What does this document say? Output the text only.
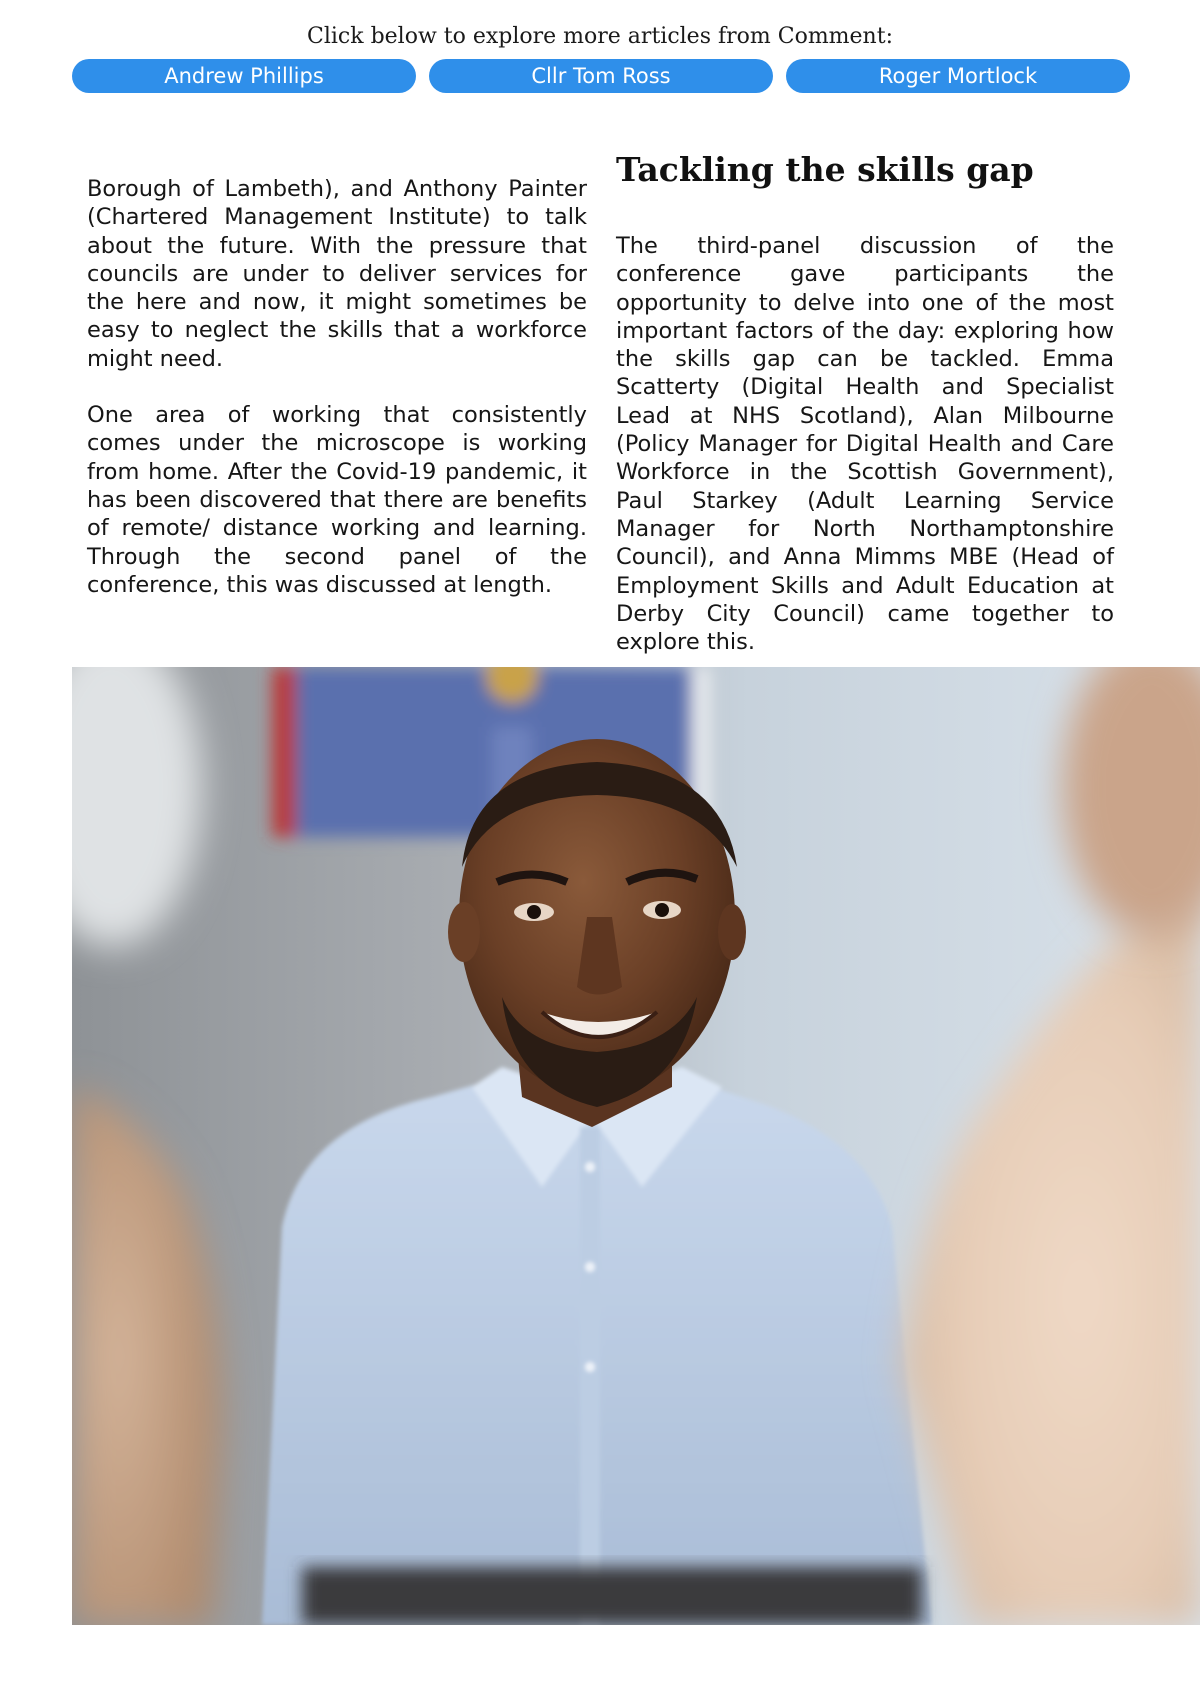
Click below to explore more articles from Comment:
Andrew Phillips	Cllr Tom Ross	Roger Mortlock

Borough of Lambeth), and Anthony Painter (Chartered Management Institute) to talk about the future. With the pressure that councils are under to deliver services for the here and now, it might sometimes be easy to neglect the skills that a workforce might need.

One area of working that consistently comes under the microscope is working from home. After the Covid-19 pandemic, it has been discovered that there are benefits of remote/ distance working and learning. Through the second panel of the conference, this was discussed at length.

Tackling the skills gap

The third-panel discussion of the conference gave participants the opportunity to delve into one of the most important factors of the day: exploring how the skills gap can be tackled. Emma Scatterty (Digital Health and Specialist Lead at NHS Scotland), Alan Milbourne (Policy Manager for Digital Health and Care Workforce in the Scottish Government), Paul Starkey (Adult Learning Service Manager for North Northamptonshire Council), and Anna Mimms MBE (Head of Employment Skills and Adult Education at Derby City Council) came together to explore this.
